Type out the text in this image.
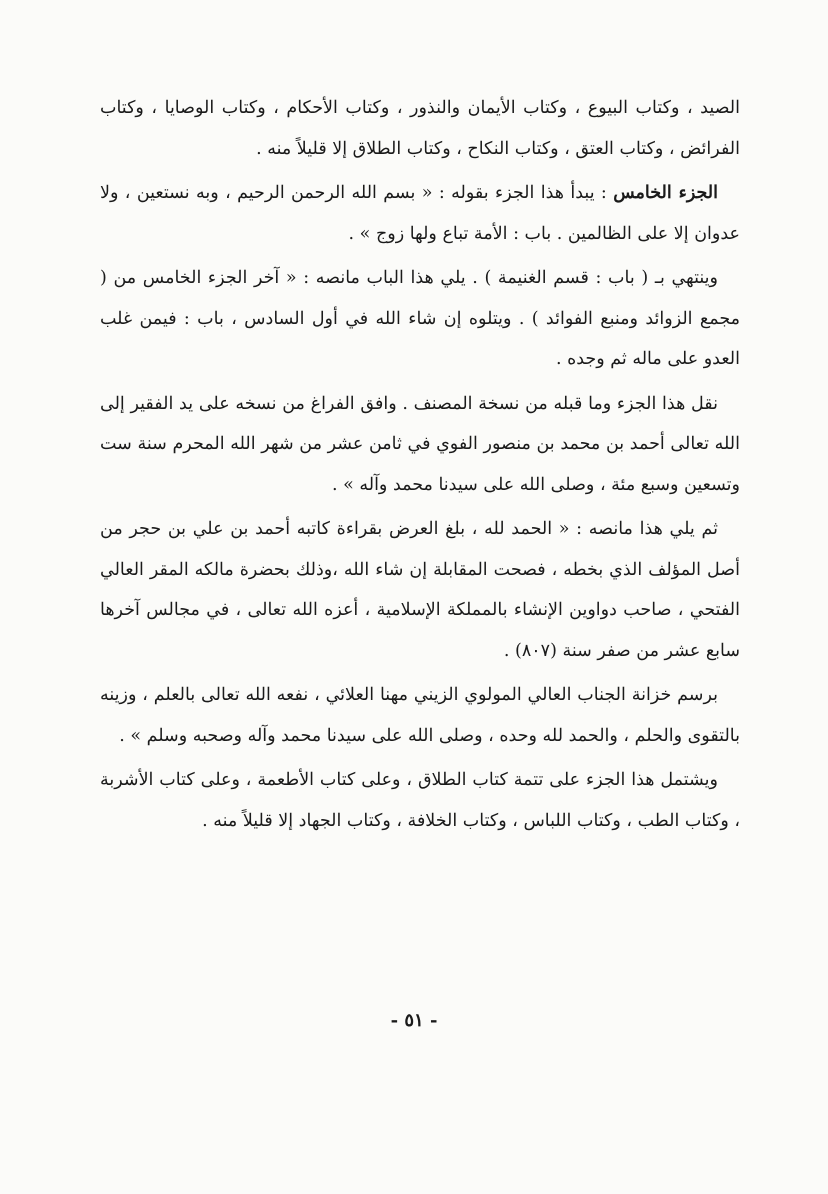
الصيد ، وكتاب البيوع ، وكتاب الأيمان والنذور ، وكتاب الأحكام ، وكتاب الوصايا ، وكتاب الفرائض ، وكتاب العتق ، وكتاب النكاح ، وكتاب الطلاق إلا قليلاً منه .

الجزء الخامس : يبدأ هذا الجزء بقوله : « بسم الله الرحمن الرحيم ، وبه نستعين ، ولا عدوان إلا على الظالمين . باب : الأمة تباع ولها زوج » .

وينتهي بـ ( باب : قسم الغنيمة ) . يلي هذا الباب مانصه : « آخر الجزء الخامس من ( مجمع الزوائد ومنبع الفوائد ) . ويتلوه إن شاء الله في أول السادس ، باب : فيمن غلب العدو على ماله ثم وجده .

نقل هذا الجزء وما قبله من نسخة المصنف . وافق الفراغ من نسخه على يد الفقير إلى الله تعالى أحمد بن محمد بن منصور الفوي في ثامن عشر من شهر الله المحرم سنة ست وتسعين وسبع مئة ، وصلى الله على سيدنا محمد وآله » .

ثم يلي هذا مانصه : « الحمد لله ، بلغ العرض بقراءة كاتبه أحمد بن علي بن حجر من أصل المؤلف الذي بخطه ، فصحت المقابلة إن شاء الله ،وذلك بحضرة مالكه المقر العالي الفتحي ، صاحب دواوين الإنشاء بالمملكة الإسلامية ، أعزه الله تعالى ، في مجالس آخرها سابع عشر من صفر سنة (٨٠٧) .

برسم خزانة الجناب العالي المولوي الزيني مهنا العلائي ، نفعه الله تعالى بالعلم ، وزينه بالتقوى والحلم ، والحمد لله وحده ، وصلى الله على سيدنا محمد وآله وصحبه وسلم » .

ويشتمل هذا الجزء على تتمة كتاب الطلاق ، وعلى كتاب الأطعمة ، وعلى كتاب الأشربة ، وكتاب الطب ، وكتاب اللباس ، وكتاب الخلافة ، وكتاب الجهاد إلا قليلاً منه .

- ٥١ -
